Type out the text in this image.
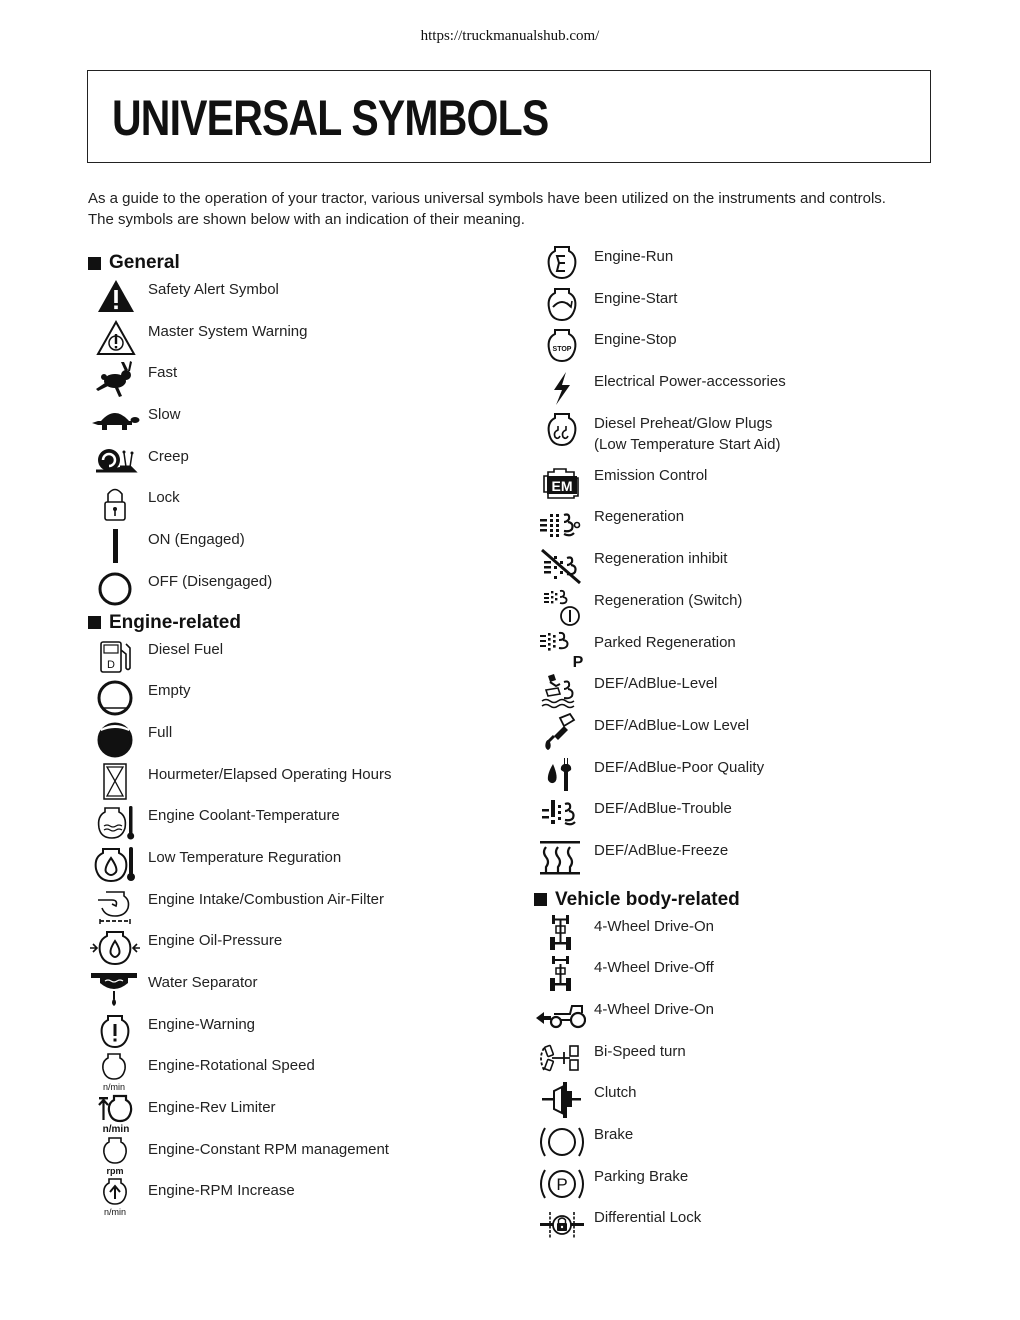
https://truckmanualshub.com/
UNIVERSAL SYMBOLS

As a guide to the operation of your tractor, various universal symbols have been utilized on the instruments and controls.
The symbols are shown below with an indication of their meaning.

General
Safety Alert Symbol
Master System Warning
Fast
Slow
Creep
Lock
ON (Engaged)
OFF (Disengaged)
Engine-related
D
Diesel Fuel
Empty
Full
Hourmeter/Elapsed Operating Hours
Engine Coolant-Temperature
Low Temperature Reguration
Engine Intake/Combustion Air-Filter
Engine Oil-Pressure
Water Separator
Engine-Warning
n/min
Engine-Rotational Speed
n/min
Engine-Rev Limiter
rpm
Engine-Constant RPM management
n/min
Engine-RPM Increase
Engine-Run
Engine-Start
STOP
Engine-Stop
Electrical Power-accessories
Diesel Preheat/Glow Plugs
(Low Temperature Start Aid)
EM
Emission Control
Regeneration
Regeneration inhibit
Regeneration (Switch)
P
Parked Regeneration
DEF/AdBlue-Level
DEF/AdBlue-Low Level
DEF/AdBlue-Poor Quality
DEF/AdBlue-Trouble
DEF/AdBlue-Freeze
Vehicle body-related
4-Wheel Drive-On
4-Wheel Drive-Off
4-Wheel Drive-On
Bi-Speed turn
Clutch
Brake
P Parking Brake
Differential Lock
